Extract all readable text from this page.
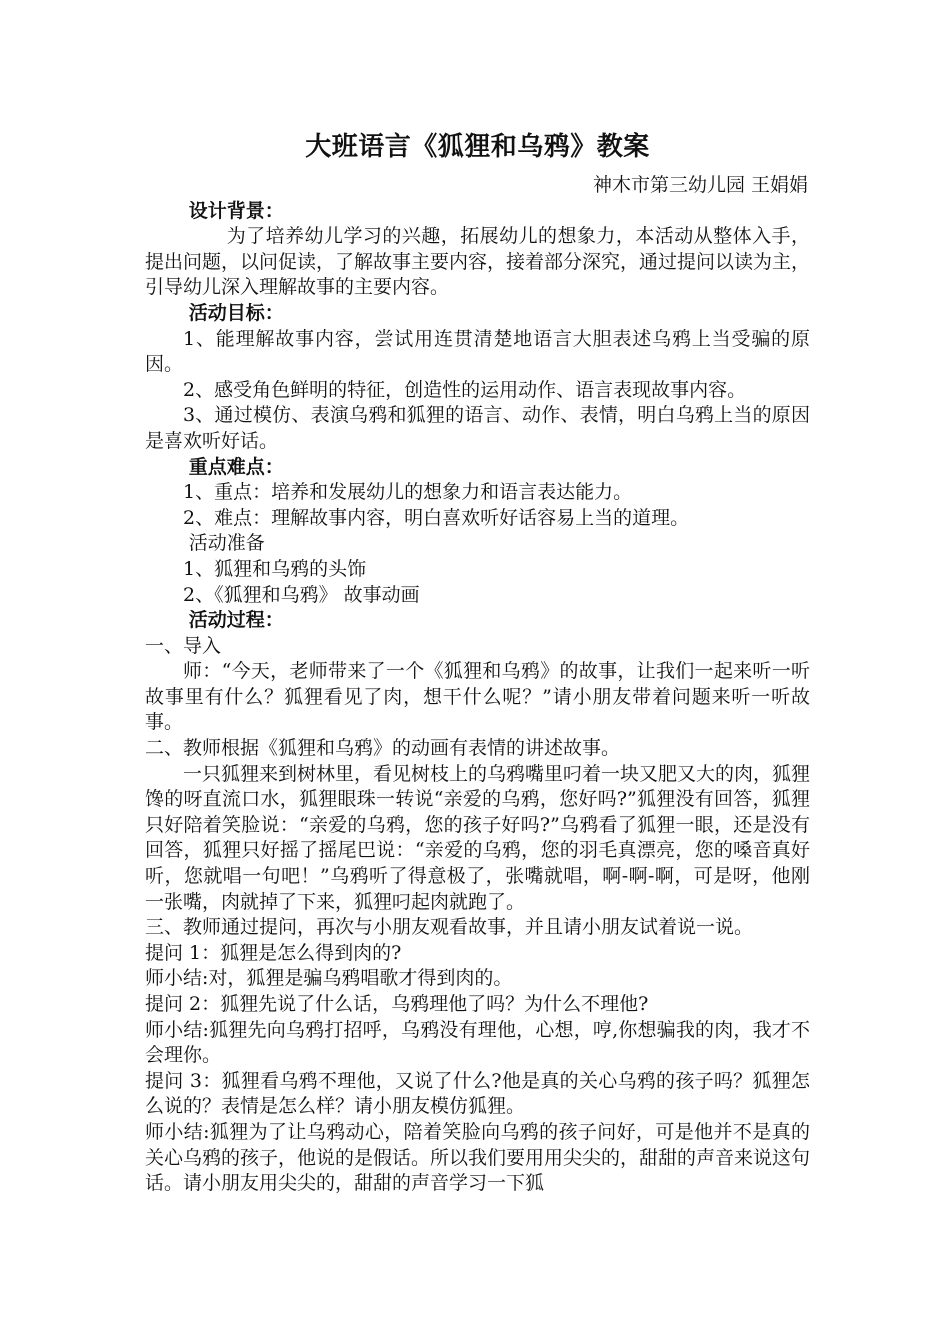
大班语言《狐狸和乌鸦》教案

神木市第三幼儿园 王娟娟

设计背景：

为了培养幼儿学习的兴趣，拓展幼儿的想象力，本活动从整体入手，提出问题，以问促读，了解故事主要内容，接着部分深究，通过提问以读为主，引导幼儿深入理解故事的主要内容。

活动目标：

1、能理解故事内容，尝试用连贯清楚地语言大胆表述乌鸦上当受骗的原因。

2、感受角色鲜明的特征，创造性的运用动作、语言表现故事内容。

3、通过模仿、表演乌鸦和狐狸的语言、动作、表情，明白乌鸦上当的原因是喜欢听好话。

重点难点：

1、重点：培养和发展幼儿的想象力和语言表达能力。

2、难点：理解故事内容，明白喜欢听好话容易上当的道理。

活动准备

1、狐狸和乌鸦的头饰

2、《狐狸和乌鸦》 故事动画

活动过程：

一、导入

师：“今天，老师带来了一个《狐狸和乌鸦》的故事，让我们一起来听一听故事里有什么？狐狸看见了肉，想干什么呢？”请小朋友带着问题来听一听故事。

二、教师根据《狐狸和乌鸦》的动画有表情的讲述故事。

一只狐狸来到树林里，看见树枝上的乌鸦嘴里叼着一块又肥又大的肉，狐狸馋的呀直流口水，狐狸眼珠一转说“亲爱的乌鸦，您好吗?”狐狸没有回答，狐狸只好陪着笑脸说：“亲爱的乌鸦，您的孩子好吗?”乌鸦看了狐狸一眼，还是没有回答，狐狸只好摇了摇尾巴说：“亲爱的乌鸦，您的羽毛真漂亮，您的嗓音真好听，您就唱一句吧！”乌鸦听了得意极了，张嘴就唱，啊-啊-啊，可是呀，他刚一张嘴，肉就掉了下来，狐狸叼起肉就跑了。

三、教师通过提问，再次与小朋友观看故事，并且请小朋友试着说一说。

提问 1：狐狸是怎么得到肉的?

师小结:对，狐狸是骗乌鸦唱歌才得到肉的。

提问 2：狐狸先说了什么话，乌鸦理他了吗？为什么不理他?

师小结:狐狸先向乌鸦打招呼，乌鸦没有理他，心想，哼,你想骗我的肉，我才不会理你。

提问 3：狐狸看乌鸦不理他，又说了什么?他是真的关心乌鸦的孩子吗？狐狸怎么说的？表情是怎么样？请小朋友模仿狐狸。

师小结:狐狸为了让乌鸦动心，陪着笑脸向乌鸦的孩子问好，可是他并不是真的关心乌鸦的孩子，他说的是假话。所以我们要用用尖尖的，甜甜的声音来说这句话。请小朋友用尖尖的，甜甜的声音学习一下狐
